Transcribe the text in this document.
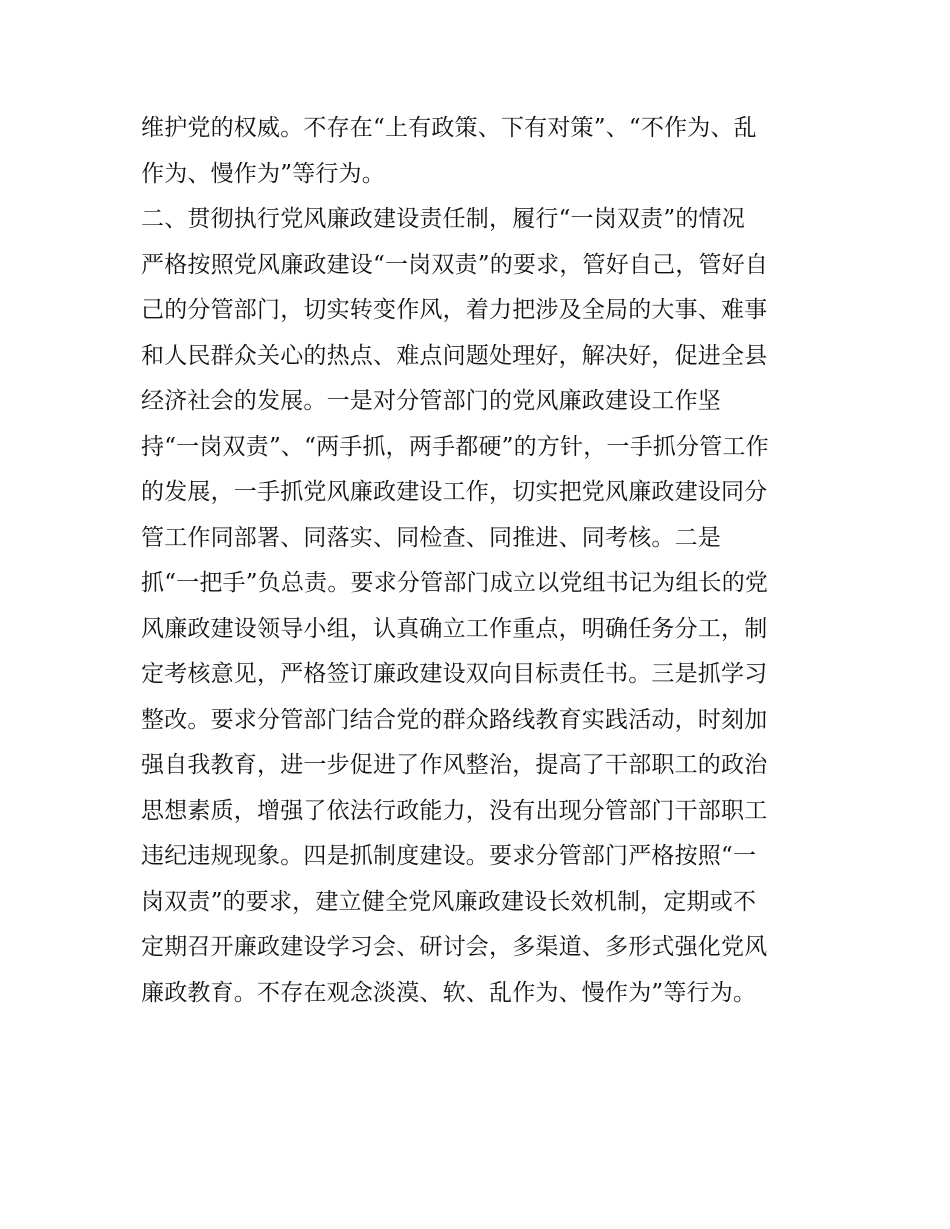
维护党的权威。不存在“上有政策、下有对策”、“不作为、乱
作为、慢作为”等行为。
二、贯彻执行党风廉政建设责任制，履行“一岗双责”的情况
严格按照党风廉政建设“一岗双责”的要求，管好自己，管好自
己的分管部门，切实转变作风，着力把涉及全局的大事、难事
和人民群众关心的热点、难点问题处理好，解决好，促进全县
经济社会的发展。一是对分管部门的党风廉政建设工作坚
持“一岗双责”、“两手抓，两手都硬”的方针，一手抓分管工作
的发展，一手抓党风廉政建设工作，切实把党风廉政建设同分
管工作同部署、同落实、同检查、同推进、同考核。二是
抓“一把手”负总责。要求分管部门成立以党组书记为组长的党
风廉政建设领导小组，认真确立工作重点，明确任务分工，制
定考核意见，严格签订廉政建设双向目标责任书。三是抓学习
整改。要求分管部门结合党的群众路线教育实践活动，时刻加
强自我教育，进一步促进了作风整治，提高了干部职工的政治
思想素质，增强了依法行政能力，没有出现分管部门干部职工
违纪违规现象。四是抓制度建设。要求分管部门严格按照“一
岗双责”的要求，建立健全党风廉政建设长效机制，定期或不
定期召开廉政建设学习会、研讨会，多渠道、多形式强化党风
廉政教育。不存在观念淡漠、软、乱作为、慢作为”等行为。
